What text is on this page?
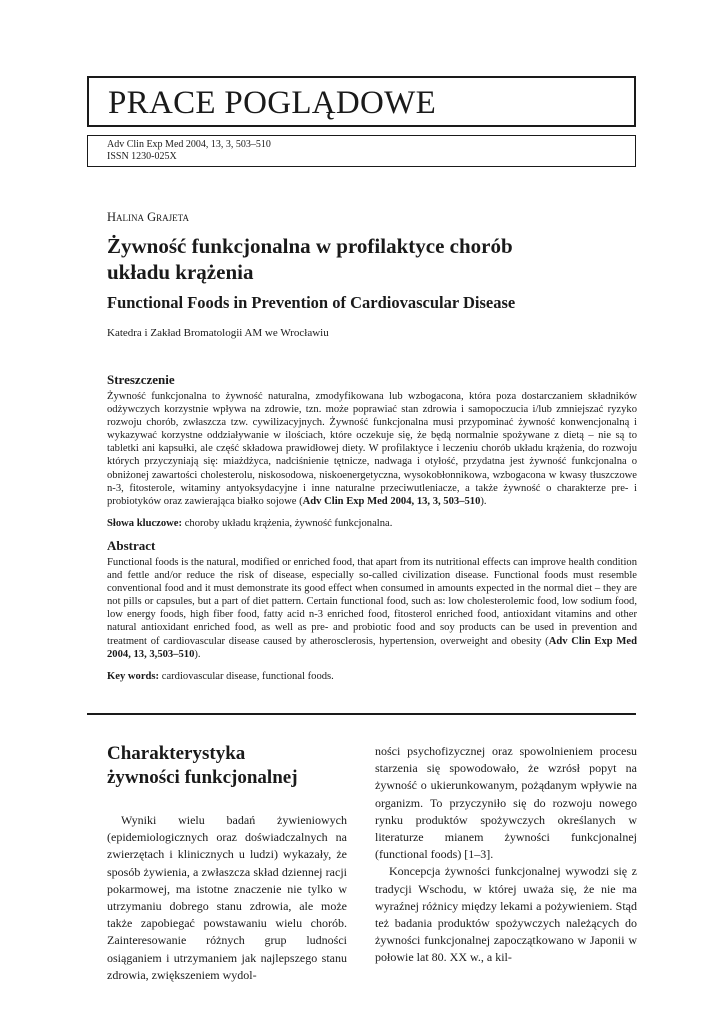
PRACE POGLĄDOWE
Adv Clin Exp Med 2004, 13, 3, 503–510
ISSN 1230-025X

Halina Grajeta

Żywność funkcjonalna w profilaktyce chorób
układu krążenia
Functional Foods in Prevention of Cardiovascular Disease

Katedra i Zakład Bromatologii AM we Wrocławiu

Streszczenie

Żywność funkcjonalna to żywność naturalna, zmodyfikowana lub wzbogacona, która poza dostarczaniem składników odżywczych korzystnie wpływa na zdrowie, tzn. może poprawiać stan zdrowia i samopoczucia i/lub zmniejszać ryzyko rozwoju chorób, zwłaszcza tzw. cywilizacyjnych. Żywność funkcjonalna musi przypominać żywność konwencjonalną i wykazywać korzystne oddziaływanie w ilościach, które oczekuje się, że będą normalnie spożywane z dietą – nie są to tabletki ani kapsułki, ale część składowa prawidłowej diety. W profilaktyce i leczeniu chorób układu krążenia, do rozwoju których przyczyniają się: miażdżyca, nadciśnienie tętnicze, nadwaga i otyłość, przydatna jest żywność funkcjonalna o obniżonej zawartości cholesterolu, niskosodowa, niskoenergetyczna, wysokobłonnikowa, wzbogacona w kwasy tłuszczowe n-3, fitosterole, witaminy antyoksydacyjne i inne naturalne przeciwutleniacze, a także żywność o charakterze pre- i probiotyków oraz zawierająca białko sojowe (Adv Clin Exp Med 2004, 13, 3, 503–510).

Słowa kluczowe: choroby układu krążenia, żywność funkcjonalna.

Abstract

Functional foods is the natural, modified or enriched food, that apart from its nutritional effects can improve health condition and fettle and/or reduce the risk of disease, especially so-called civilization disease. Functional foods must resemble conventional food and it must demonstrate its good effect when consumed in amounts expected in the normal diet – they are not pills or capsules, but a part of diet pattern. Certain functional food, such as: low cholesterolemic food, low sodium food, low energy foods, high fiber food, fatty acid n-3 enriched food, fitosterol enriched food, antioxidant vitamins and other natural antioxidant enriched food, as well as pre- and probiotic food and soy products can be used in prevention and treatment of cardiovascular disease caused by atherosclerosis, hypertension, overweight and obesity (Adv Clin Exp Med 2004, 13, 3,503–510).

Key words: cardiovascular disease, functional foods.

Charakterystyka
żywności funkcjonalnej

Wyniki wielu badań żywieniowych (epidemiologicznych oraz doświadczalnych na zwierzętach i klinicznych u ludzi) wykazały, że sposób żywienia, a zwłaszcza skład dziennej racji pokarmowej, ma istotne znaczenie nie tylko w utrzymaniu dobrego stanu zdrowia, ale może także zapobiegać powstawaniu wielu chorób. Zainteresowanie różnych grup ludności osiąganiem i utrzymaniem jak najlepszego stanu zdrowia, zwiększeniem wydol-

ności psychofizycznej oraz spowolnieniem procesu starzenia się spowodowało, że wzrósł popyt na żywność o ukierunkowanym, pożądanym wpływie na organizm. To przyczyniło się do rozwoju nowego rynku produktów spożywczych określanych w literaturze mianem żywności funkcjonalnej (functional foods) [1–3].

Koncepcja żywności funkcjonalnej wywodzi się z tradycji Wschodu, w której uważa się, że nie ma wyraźnej różnicy między lekami a pożywieniem. Stąd też badania produktów spożywczych należących do żywności funkcjonalnej zapoczątkowano w Japonii w połowie lat 80. XX w., a kil-
